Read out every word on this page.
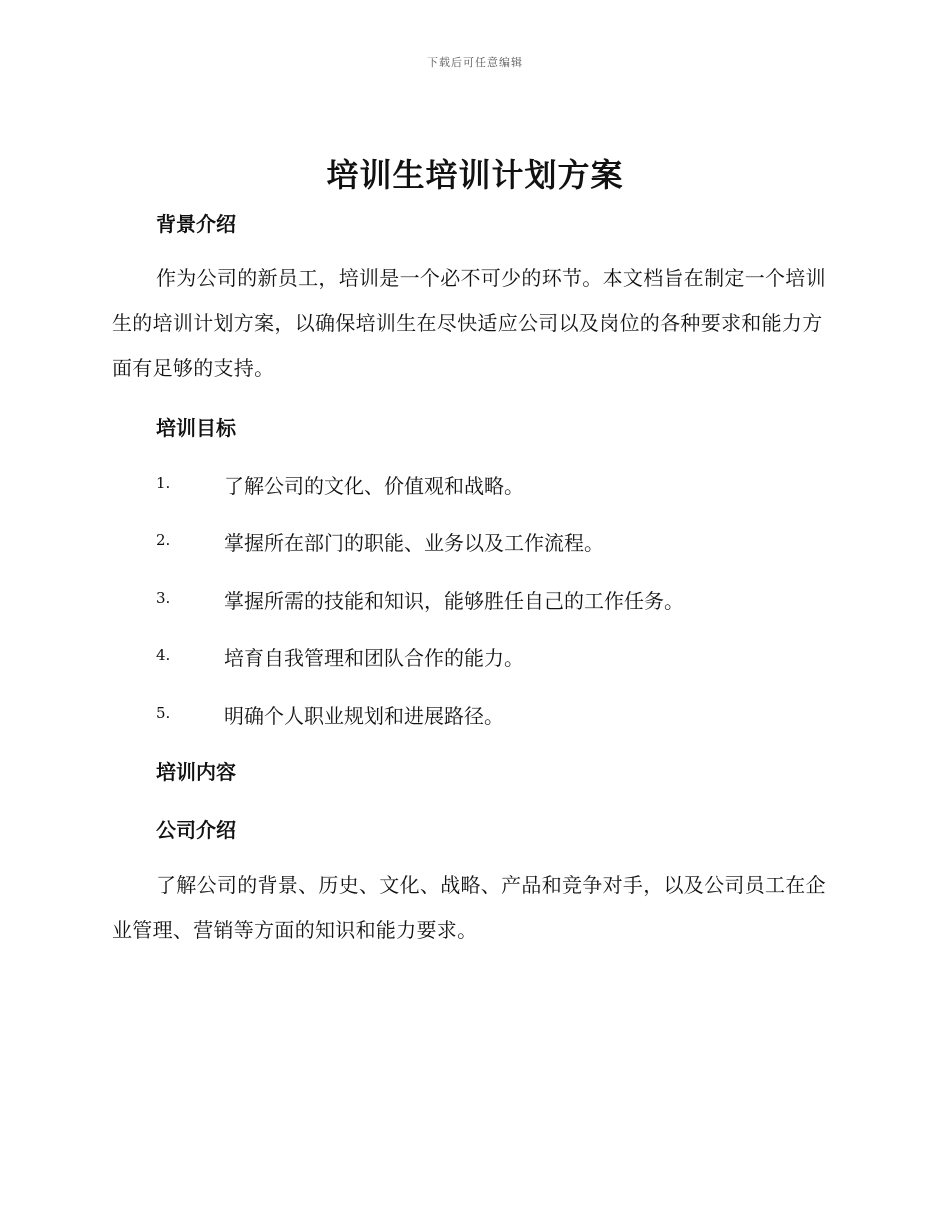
下载后可任意编辑
培训生培训计划方案
背景介绍

作为公司的新员工，培训是一个必不可少的环节。本文档旨在制定一个培训生的培训计划方案，以确保培训生在尽快适应公司以及岗位的各种要求和能力方面有足够的支持。

培训目标
1.	了解公司的文化、价值观和战略。
2.	掌握所在部门的职能、业务以及工作流程。
3.	掌握所需的技能和知识，能够胜任自己的工作任务。
4.	培育自我管理和团队合作的能力。
5.	明确个人职业规划和进展路径。
培训内容
公司介绍

了解公司的背景、历史、文化、战略、产品和竞争对手，以及公司员工在企业管理、营销等方面的知识和能力要求。
